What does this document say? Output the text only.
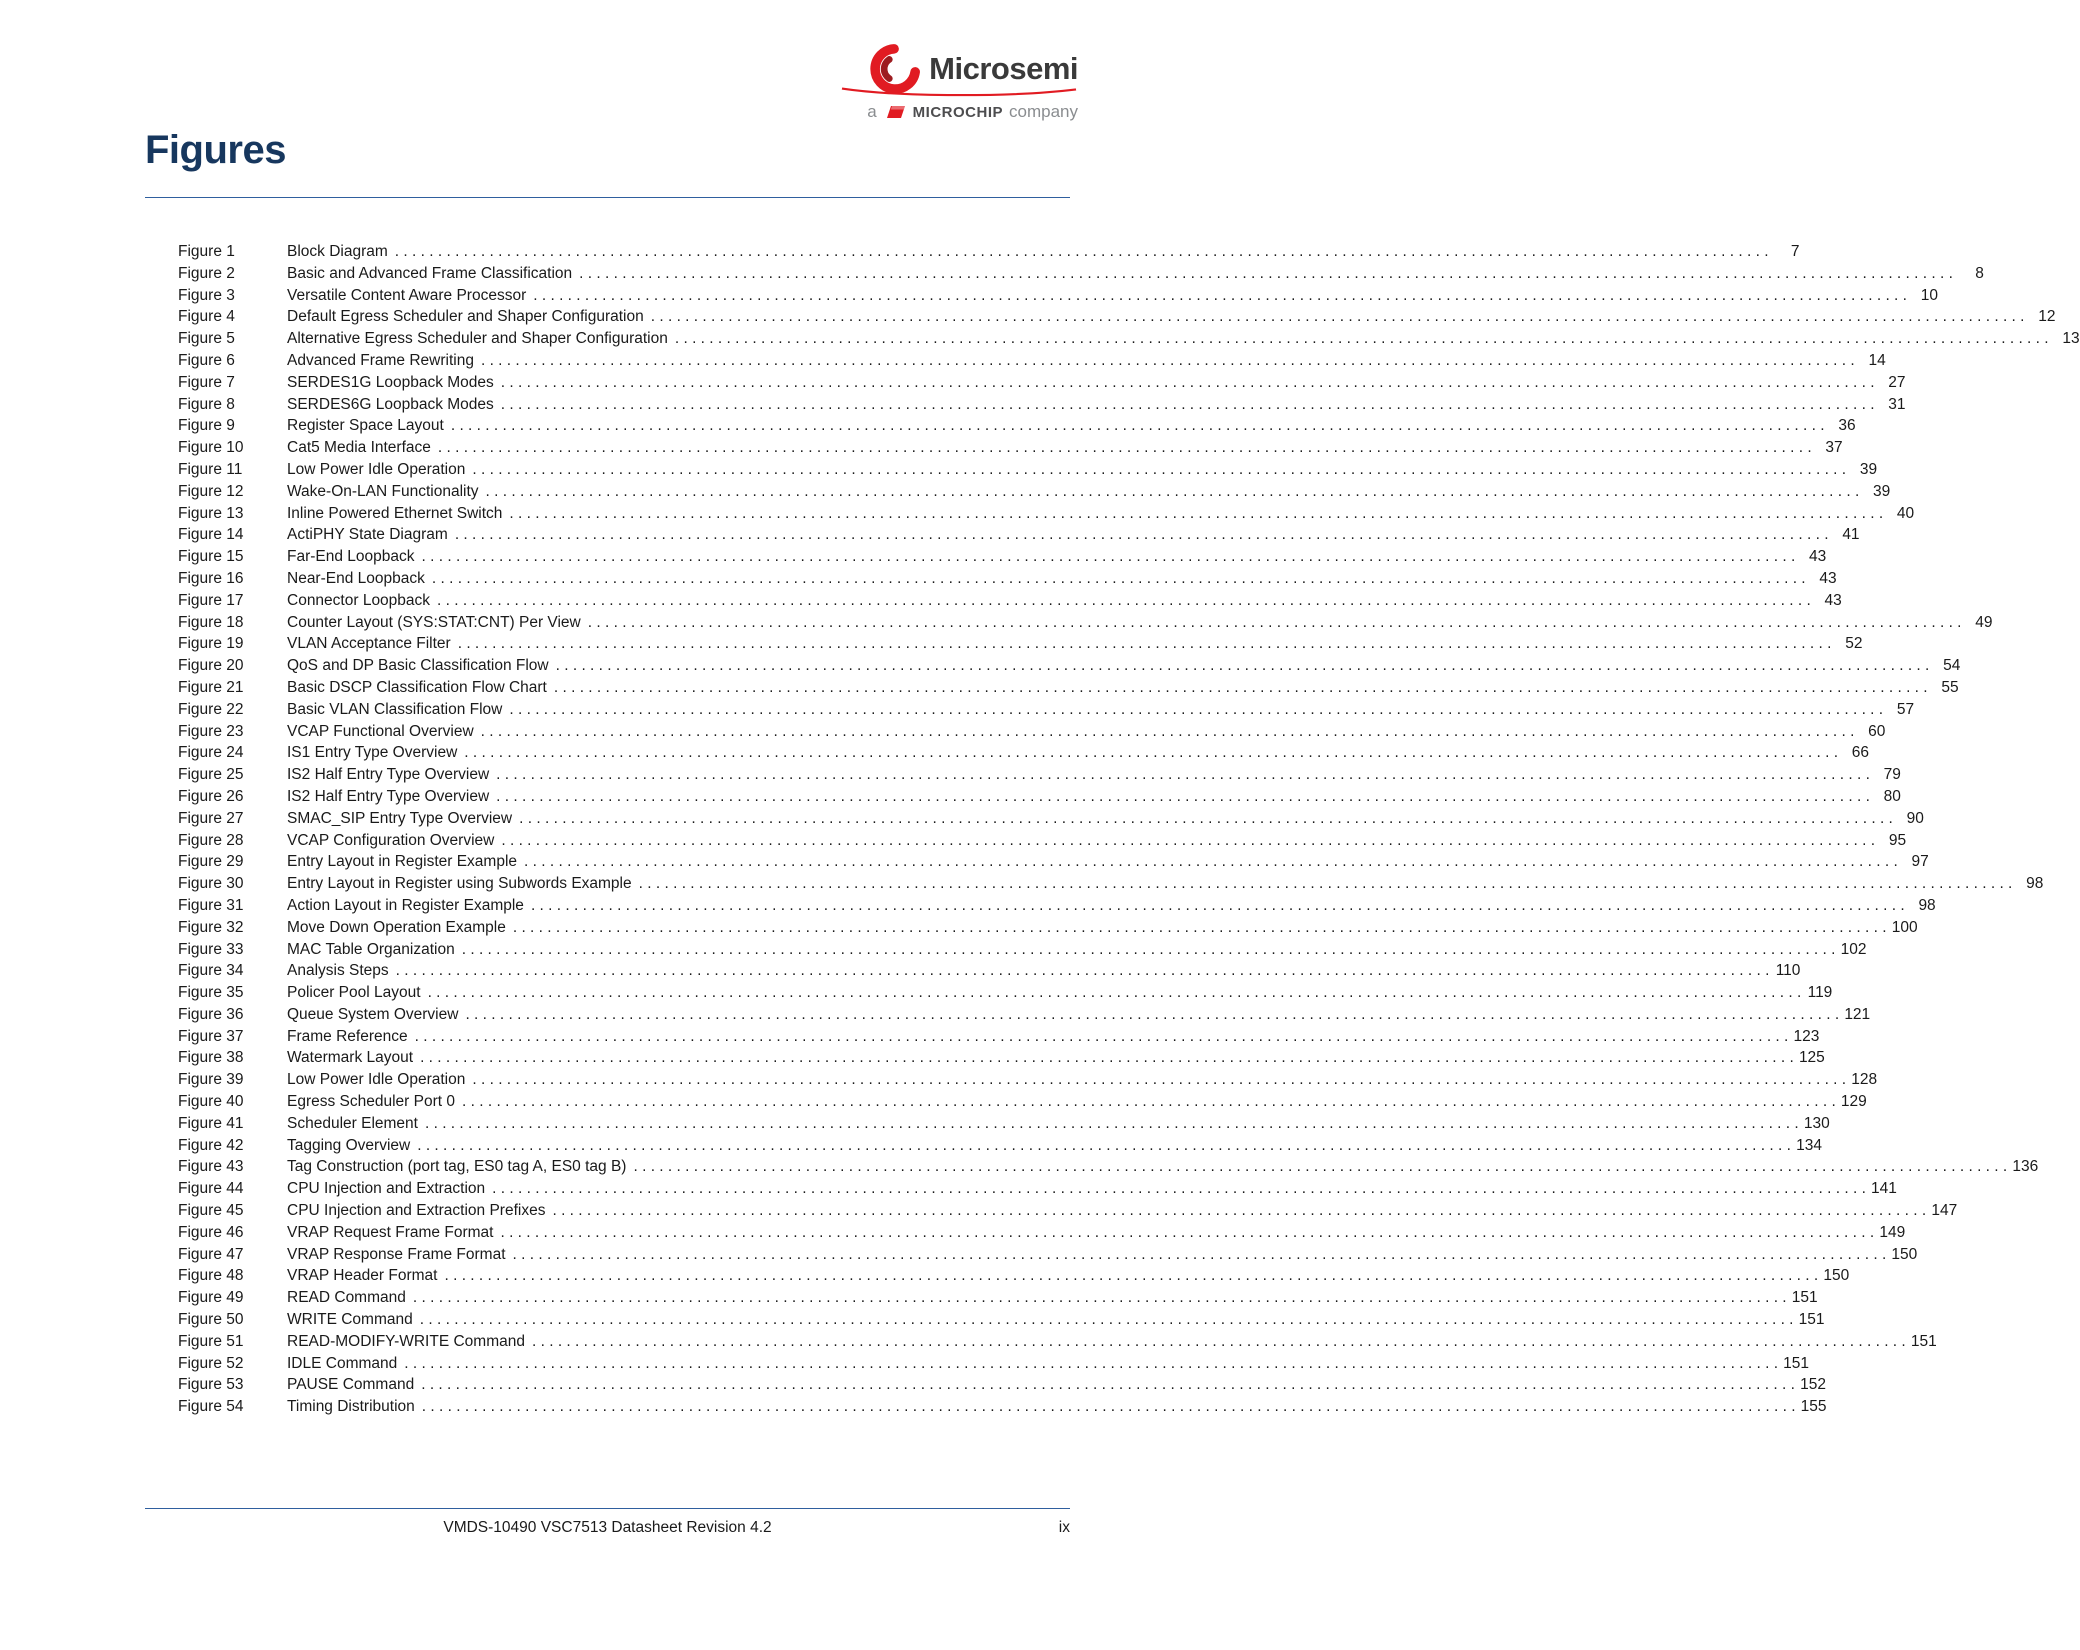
Microsemi
a MICROCHIP company
Figures
Figure 1	Block Diagram . . . . . . . . . . . . . . . . . . . . . . . . . . . . . . . . . . . . . . . . . . . . . . . . . . . . . . . . . . . . . . . . . . . . . . . . . . . . . . . . . . . . . . . . . . . . . . . . . . . . . . . . . . . . . . . . . . . . . . . . . . . . . . . . . . . . . . . . . . . . . . . . . . . . . . . . . . . . . . . .	7
Figure 2	Basic and Advanced Frame Classification . . . . . . . . . . . . . . . . . . . . . . . . . . . . . . . . . . . . . . . . . . . . . . . . . . . . . . . . . . . . . . . . . . . . . . . . . . . . . . . . . . . . . . . . . . . . . . . . . . . . . . . . . . . . . . . . . . . . . . . . . . . . . . . . . . . . . . . . . . . . . . . . . . . . . . . . . . . . . . . .	8
Figure 3	Versatile Content Aware Processor . . . . . . . . . . . . . . . . . . . . . . . . . . . . . . . . . . . . . . . . . . . . . . . . . . . . . . . . . . . . . . . . . . . . . . . . . . . . . . . . . . . . . . . . . . . . . . . . . . . . . . . . . . . . . . . . . . . . . . . . . . . . . . . . . . . . . . . . . . . . . . . . . . . . . . . . . . . . . . . . 10
Figure 4	Default Egress Scheduler and Shaper Configuration . . . . . . . . . . . . . . . . . . . . . . . . . . . . . . . . . . . . . . . . . . . . . . . . . . . . . . . . . . . . . . . . . . . . . . . . . . . . . . . . . . . . . . . . . . . . . . . . . . . . . . . . . . . . . . . . . . . . . . . . . . . . . . . . . . . . . . . . . . . . . . . . . . . . . . . . . . . . . . . . 12
Figure 5	Alternative Egress Scheduler and Shaper Configuration . . . . . . . . . . . . . . . . . . . . . . . . . . . . . . . . . . . . . . . . . . . . . . . . . . . . . . . . . . . . . . . . . . . . . . . . . . . . . . . . . . . . . . . . . . . . . . . . . . . . . . . . . . . . . . . . . . . . . . . . . . . . . . . . . . . . . . . . . . . . . . . . . . . . . . . . . . . . . . . . 13
Figure 6	Advanced Frame Rewriting . . . . . . . . . . . . . . . . . . . . . . . . . . . . . . . . . . . . . . . . . . . . . . . . . . . . . . . . . . . . . . . . . . . . . . . . . . . . . . . . . . . . . . . . . . . . . . . . . . . . . . . . . . . . . . . . . . . . . . . . . . . . . . . . . . . . . . . . . . . . . . . . . . . . . . . . . . . . . . . . 14
Figure 7	SERDES1G Loopback Modes . . . . . . . . . . . . . . . . . . . . . . . . . . . . . . . . . . . . . . . . . . . . . . . . . . . . . . . . . . . . . . . . . . . . . . . . . . . . . . . . . . . . . . . . . . . . . . . . . . . . . . . . . . . . . . . . . . . . . . . . . . . . . . . . . . . . . . . . . . . . . . . . . . . . . . . . . . . . . . . . 27
Figure 8	SERDES6G Loopback Modes . . . . . . . . . . . . . . . . . . . . . . . . . . . . . . . . . . . . . . . . . . . . . . . . . . . . . . . . . . . . . . . . . . . . . . . . . . . . . . . . . . . . . . . . . . . . . . . . . . . . . . . . . . . . . . . . . . . . . . . . . . . . . . . . . . . . . . . . . . . . . . . . . . . . . . . . . . . . . . . . 31
Figure 9	Register Space Layout . . . . . . . . . . . . . . . . . . . . . . . . . . . . . . . . . . . . . . . . . . . . . . . . . . . . . . . . . . . . . . . . . . . . . . . . . . . . . . . . . . . . . . . . . . . . . . . . . . . . . . . . . . . . . . . . . . . . . . . . . . . . . . . . . . . . . . . . . . . . . . . . . . . . . . . . . . . . . . . . 36
Figure 10	Cat5 Media Interface . . . . . . . . . . . . . . . . . . . . . . . . . . . . . . . . . . . . . . . . . . . . . . . . . . . . . . . . . . . . . . . . . . . . . . . . . . . . . . . . . . . . . . . . . . . . . . . . . . . . . . . . . . . . . . . . . . . . . . . . . . . . . . . . . . . . . . . . . . . . . . . . . . . . . . . . . . . . . . . . 37
Figure 11	Low Power Idle Operation . . . . . . . . . . . . . . . . . . . . . . . . . . . . . . . . . . . . . . . . . . . . . . . . . . . . . . . . . . . . . . . . . . . . . . . . . . . . . . . . . . . . . . . . . . . . . . . . . . . . . . . . . . . . . . . . . . . . . . . . . . . . . . . . . . . . . . . . . . . . . . . . . . . . . . . . . . . . . . . . 39
Figure 12	Wake-On-LAN Functionality . . . . . . . . . . . . . . . . . . . . . . . . . . . . . . . . . . . . . . . . . . . . . . . . . . . . . . . . . . . . . . . . . . . . . . . . . . . . . . . . . . . . . . . . . . . . . . . . . . . . . . . . . . . . . . . . . . . . . . . . . . . . . . . . . . . . . . . . . . . . . . . . . . . . . . . . . . . . . . . . 39
Figure 13	Inline Powered Ethernet Switch . . . . . . . . . . . . . . . . . . . . . . . . . . . . . . . . . . . . . . . . . . . . . . . . . . . . . . . . . . . . . . . . . . . . . . . . . . . . . . . . . . . . . . . . . . . . . . . . . . . . . . . . . . . . . . . . . . . . . . . . . . . . . . . . . . . . . . . . . . . . . . . . . . . . . . . . . . . . . . . . 40
Figure 14	ActiPHY State Diagram . . . . . . . . . . . . . . . . . . . . . . . . . . . . . . . . . . . . . . . . . . . . . . . . . . . . . . . . . . . . . . . . . . . . . . . . . . . . . . . . . . . . . . . . . . . . . . . . . . . . . . . . . . . . . . . . . . . . . . . . . . . . . . . . . . . . . . . . . . . . . . . . . . . . . . . . . . . . . . . . 41
Figure 15	Far-End Loopback . . . . . . . . . . . . . . . . . . . . . . . . . . . . . . . . . . . . . . . . . . . . . . . . . . . . . . . . . . . . . . . . . . . . . . . . . . . . . . . . . . . . . . . . . . . . . . . . . . . . . . . . . . . . . . . . . . . . . . . . . . . . . . . . . . . . . . . . . . . . . . . . . . . . . . . . . . . . . . . . 43
Figure 16	Near-End Loopback . . . . . . . . . . . . . . . . . . . . . . . . . . . . . . . . . . . . . . . . . . . . . . . . . . . . . . . . . . . . . . . . . . . . . . . . . . . . . . . . . . . . . . . . . . . . . . . . . . . . . . . . . . . . . . . . . . . . . . . . . . . . . . . . . . . . . . . . . . . . . . . . . . . . . . . . . . . . . . . . 43
Figure 17	Connector Loopback . . . . . . . . . . . . . . . . . . . . . . . . . . . . . . . . . . . . . . . . . . . . . . . . . . . . . . . . . . . . . . . . . . . . . . . . . . . . . . . . . . . . . . . . . . . . . . . . . . . . . . . . . . . . . . . . . . . . . . . . . . . . . . . . . . . . . . . . . . . . . . . . . . . . . . . . . . . . . . . . 43
Figure 18	Counter Layout (SYS:STAT:CNT) Per View . . . . . . . . . . . . . . . . . . . . . . . . . . . . . . . . . . . . . . . . . . . . . . . . . . . . . . . . . . . . . . . . . . . . . . . . . . . . . . . . . . . . . . . . . . . . . . . . . . . . . . . . . . . . . . . . . . . . . . . . . . . . . . . . . . . . . . . . . . . . . . . . . . . . . . . . . . . . . . . . 49
Figure 19	VLAN Acceptance Filter . . . . . . . . . . . . . . . . . . . . . . . . . . . . . . . . . . . . . . . . . . . . . . . . . . . . . . . . . . . . . . . . . . . . . . . . . . . . . . . . . . . . . . . . . . . . . . . . . . . . . . . . . . . . . . . . . . . . . . . . . . . . . . . . . . . . . . . . . . . . . . . . . . . . . . . . . . . . . . . . 52
Figure 20	QoS and DP Basic Classification Flow . . . . . . . . . . . . . . . . . . . . . . . . . . . . . . . . . . . . . . . . . . . . . . . . . . . . . . . . . . . . . . . . . . . . . . . . . . . . . . . . . . . . . . . . . . . . . . . . . . . . . . . . . . . . . . . . . . . . . . . . . . . . . . . . . . . . . . . . . . . . . . . . . . . . . . . . . . . . . . . . 54
Figure 21	Basic DSCP Classification Flow Chart . . . . . . . . . . . . . . . . . . . . . . . . . . . . . . . . . . . . . . . . . . . . . . . . . . . . . . . . . . . . . . . . . . . . . . . . . . . . . . . . . . . . . . . . . . . . . . . . . . . . . . . . . . . . . . . . . . . . . . . . . . . . . . . . . . . . . . . . . . . . . . . . . . . . . . . . . . . . . . . . 55
Figure 22	Basic VLAN Classification Flow . . . . . . . . . . . . . . . . . . . . . . . . . . . . . . . . . . . . . . . . . . . . . . . . . . . . . . . . . . . . . . . . . . . . . . . . . . . . . . . . . . . . . . . . . . . . . . . . . . . . . . . . . . . . . . . . . . . . . . . . . . . . . . . . . . . . . . . . . . . . . . . . . . . . . . . . . . . . . . . . 57
Figure 23	VCAP Functional Overview . . . . . . . . . . . . . . . . . . . . . . . . . . . . . . . . . . . . . . . . . . . . . . . . . . . . . . . . . . . . . . . . . . . . . . . . . . . . . . . . . . . . . . . . . . . . . . . . . . . . . . . . . . . . . . . . . . . . . . . . . . . . . . . . . . . . . . . . . . . . . . . . . . . . . . . . . . . . . . . . 60
Figure 24	IS1 Entry Type Overview . . . . . . . . . . . . . . . . . . . . . . . . . . . . . . . . . . . . . . . . . . . . . . . . . . . . . . . . . . . . . . . . . . . . . . . . . . . . . . . . . . . . . . . . . . . . . . . . . . . . . . . . . . . . . . . . . . . . . . . . . . . . . . . . . . . . . . . . . . . . . . . . . . . . . . . . . . . . . . . . 66
Figure 25	IS2 Half Entry Type Overview . . . . . . . . . . . . . . . . . . . . . . . . . . . . . . . . . . . . . . . . . . . . . . . . . . . . . . . . . . . . . . . . . . . . . . . . . . . . . . . . . . . . . . . . . . . . . . . . . . . . . . . . . . . . . . . . . . . . . . . . . . . . . . . . . . . . . . . . . . . . . . . . . . . . . . . . . . . . . . . . 79
Figure 26	IS2 Half Entry Type Overview . . . . . . . . . . . . . . . . . . . . . . . . . . . . . . . . . . . . . . . . . . . . . . . . . . . . . . . . . . . . . . . . . . . . . . . . . . . . . . . . . . . . . . . . . . . . . . . . . . . . . . . . . . . . . . . . . . . . . . . . . . . . . . . . . . . . . . . . . . . . . . . . . . . . . . . . . . . . . . . . 80
Figure 27	SMAC_SIP Entry Type Overview . . . . . . . . . . . . . . . . . . . . . . . . . . . . . . . . . . . . . . . . . . . . . . . . . . . . . . . . . . . . . . . . . . . . . . . . . . . . . . . . . . . . . . . . . . . . . . . . . . . . . . . . . . . . . . . . . . . . . . . . . . . . . . . . . . . . . . . . . . . . . . . . . . . . . . . . . . . . . . . . 90
Figure 28	VCAP Configuration Overview . . . . . . . . . . . . . . . . . . . . . . . . . . . . . . . . . . . . . . . . . . . . . . . . . . . . . . . . . . . . . . . . . . . . . . . . . . . . . . . . . . . . . . . . . . . . . . . . . . . . . . . . . . . . . . . . . . . . . . . . . . . . . . . . . . . . . . . . . . . . . . . . . . . . . . . . . . . . . . . . 95
Figure 29	Entry Layout in Register Example . . . . . . . . . . . . . . . . . . . . . . . . . . . . . . . . . . . . . . . . . . . . . . . . . . . . . . . . . . . . . . . . . . . . . . . . . . . . . . . . . . . . . . . . . . . . . . . . . . . . . . . . . . . . . . . . . . . . . . . . . . . . . . . . . . . . . . . . . . . . . . . . . . . . . . . . . . . . . . . . 97
Figure 30	Entry Layout in Register using Subwords Example . . . . . . . . . . . . . . . . . . . . . . . . . . . . . . . . . . . . . . . . . . . . . . . . . . . . . . . . . . . . . . . . . . . . . . . . . . . . . . . . . . . . . . . . . . . . . . . . . . . . . . . . . . . . . . . . . . . . . . . . . . . . . . . . . . . . . . . . . . . . . . . . . . . . . . . . . . . . . . . . 98
Figure 31	Action Layout in Register Example . . . . . . . . . . . . . . . . . . . . . . . . . . . . . . . . . . . . . . . . . . . . . . . . . . . . . . . . . . . . . . . . . . . . . . . . . . . . . . . . . . . . . . . . . . . . . . . . . . . . . . . . . . . . . . . . . . . . . . . . . . . . . . . . . . . . . . . . . . . . . . . . . . . . . . . . . . . . . . . . 98
Figure 32	Move Down Operation Example . . . . . . . . . . . . . . . . . . . . . . . . . . . . . . . . . . . . . . . . . . . . . . . . . . . . . . . . . . . . . . . . . . . . . . . . . . . . . . . . . . . . . . . . . . . . . . . . . . . . . . . . . . . . . . . . . . . . . . . . . . . . . . . . . . . . . . . . . . . . . . . . . . . . . . . . . . . . . . . . 100
Figure 33	MAC Table Organization . . . . . . . . . . . . . . . . . . . . . . . . . . . . . . . . . . . . . . . . . . . . . . . . . . . . . . . . . . . . . . . . . . . . . . . . . . . . . . . . . . . . . . . . . . . . . . . . . . . . . . . . . . . . . . . . . . . . . . . . . . . . . . . . . . . . . . . . . . . . . . . . . . . . . . . . . . . . . . . . 102
Figure 34	Analysis Steps . . . . . . . . . . . . . . . . . . . . . . . . . . . . . . . . . . . . . . . . . . . . . . . . . . . . . . . . . . . . . . . . . . . . . . . . . . . . . . . . . . . . . . . . . . . . . . . . . . . . . . . . . . . . . . . . . . . . . . . . . . . . . . . . . . . . . . . . . . . . . . . . . . . . . . . . . . . . . . . . 110
Figure 35	Policer Pool Layout . . . . . . . . . . . . . . . . . . . . . . . . . . . . . . . . . . . . . . . . . . . . . . . . . . . . . . . . . . . . . . . . . . . . . . . . . . . . . . . . . . . . . . . . . . . . . . . . . . . . . . . . . . . . . . . . . . . . . . . . . . . . . . . . . . . . . . . . . . . . . . . . . . . . . . . . . . . . . . . . 119
Figure 36	Queue System Overview . . . . . . . . . . . . . . . . . . . . . . . . . . . . . . . . . . . . . . . . . . . . . . . . . . . . . . . . . . . . . . . . . . . . . . . . . . . . . . . . . . . . . . . . . . . . . . . . . . . . . . . . . . . . . . . . . . . . . . . . . . . . . . . . . . . . . . . . . . . . . . . . . . . . . . . . . . . . . . . . 121
Figure 37	Frame Reference . . . . . . . . . . . . . . . . . . . . . . . . . . . . . . . . . . . . . . . . . . . . . . . . . . . . . . . . . . . . . . . . . . . . . . . . . . . . . . . . . . . . . . . . . . . . . . . . . . . . . . . . . . . . . . . . . . . . . . . . . . . . . . . . . . . . . . . . . . . . . . . . . . . . . . . . . . . . . . . . 123
Figure 38	Watermark Layout . . . . . . . . . . . . . . . . . . . . . . . . . . . . . . . . . . . . . . . . . . . . . . . . . . . . . . . . . . . . . . . . . . . . . . . . . . . . . . . . . . . . . . . . . . . . . . . . . . . . . . . . . . . . . . . . . . . . . . . . . . . . . . . . . . . . . . . . . . . . . . . . . . . . . . . . . . . . . . . . 125
Figure 39	Low Power Idle Operation . . . . . . . . . . . . . . . . . . . . . . . . . . . . . . . . . . . . . . . . . . . . . . . . . . . . . . . . . . . . . . . . . . . . . . . . . . . . . . . . . . . . . . . . . . . . . . . . . . . . . . . . . . . . . . . . . . . . . . . . . . . . . . . . . . . . . . . . . . . . . . . . . . . . . . . . . . . . . . . . 128
Figure 40	Egress Scheduler Port 0 . . . . . . . . . . . . . . . . . . . . . . . . . . . . . . . . . . . . . . . . . . . . . . . . . . . . . . . . . . . . . . . . . . . . . . . . . . . . . . . . . . . . . . . . . . . . . . . . . . . . . . . . . . . . . . . . . . . . . . . . . . . . . . . . . . . . . . . . . . . . . . . . . . . . . . . . . . . . . . . . 129
Figure 41	Scheduler Element . . . . . . . . . . . . . . . . . . . . . . . . . . . . . . . . . . . . . . . . . . . . . . . . . . . . . . . . . . . . . . . . . . . . . . . . . . . . . . . . . . . . . . . . . . . . . . . . . . . . . . . . . . . . . . . . . . . . . . . . . . . . . . . . . . . . . . . . . . . . . . . . . . . . . . . . . . . . . . . . 130
Figure 42	Tagging Overview . . . . . . . . . . . . . . . . . . . . . . . . . . . . . . . . . . . . . . . . . . . . . . . . . . . . . . . . . . . . . . . . . . . . . . . . . . . . . . . . . . . . . . . . . . . . . . . . . . . . . . . . . . . . . . . . . . . . . . . . . . . . . . . . . . . . . . . . . . . . . . . . . . . . . . . . . . . . . . . . 134
Figure 43	Tag Construction (port tag, ES0 tag A, ES0 tag B) . . . . . . . . . . . . . . . . . . . . . . . . . . . . . . . . . . . . . . . . . . . . . . . . . . . . . . . . . . . . . . . . . . . . . . . . . . . . . . . . . . . . . . . . . . . . . . . . . . . . . . . . . . . . . . . . . . . . . . . . . . . . . . . . . . . . . . . . . . . . . . . . . . . . . . . . . . . . . . . . 136
Figure 44	CPU Injection and Extraction . . . . . . . . . . . . . . . . . . . . . . . . . . . . . . . . . . . . . . . . . . . . . . . . . . . . . . . . . . . . . . . . . . . . . . . . . . . . . . . . . . . . . . . . . . . . . . . . . . . . . . . . . . . . . . . . . . . . . . . . . . . . . . . . . . . . . . . . . . . . . . . . . . . . . . . . . . . . . . . . 141
Figure 45	CPU Injection and Extraction Prefixes . . . . . . . . . . . . . . . . . . . . . . . . . . . . . . . . . . . . . . . . . . . . . . . . . . . . . . . . . . . . . . . . . . . . . . . . . . . . . . . . . . . . . . . . . . . . . . . . . . . . . . . . . . . . . . . . . . . . . . . . . . . . . . . . . . . . . . . . . . . . . . . . . . . . . . . . . . . . . . . . 147
Figure 46	VRAP Request Frame Format . . . . . . . . . . . . . . . . . . . . . . . . . . . . . . . . . . . . . . . . . . . . . . . . . . . . . . . . . . . . . . . . . . . . . . . . . . . . . . . . . . . . . . . . . . . . . . . . . . . . . . . . . . . . . . . . . . . . . . . . . . . . . . . . . . . . . . . . . . . . . . . . . . . . . . . . . . . . . . . . 149
Figure 47	VRAP Response Frame Format . . . . . . . . . . . . . . . . . . . . . . . . . . . . . . . . . . . . . . . . . . . . . . . . . . . . . . . . . . . . . . . . . . . . . . . . . . . . . . . . . . . . . . . . . . . . . . . . . . . . . . . . . . . . . . . . . . . . . . . . . . . . . . . . . . . . . . . . . . . . . . . . . . . . . . . . . . . . . . . . 150
Figure 48	VRAP Header Format . . . . . . . . . . . . . . . . . . . . . . . . . . . . . . . . . . . . . . . . . . . . . . . . . . . . . . . . . . . . . . . . . . . . . . . . . . . . . . . . . . . . . . . . . . . . . . . . . . . . . . . . . . . . . . . . . . . . . . . . . . . . . . . . . . . . . . . . . . . . . . . . . . . . . . . . . . . . . . . . 150
Figure 49	READ Command . . . . . . . . . . . . . . . . . . . . . . . . . . . . . . . . . . . . . . . . . . . . . . . . . . . . . . . . . . . . . . . . . . . . . . . . . . . . . . . . . . . . . . . . . . . . . . . . . . . . . . . . . . . . . . . . . . . . . . . . . . . . . . . . . . . . . . . . . . . . . . . . . . . . . . . . . . . . . . . . 151
Figure 50	WRITE Command . . . . . . . . . . . . . . . . . . . . . . . . . . . . . . . . . . . . . . . . . . . . . . . . . . . . . . . . . . . . . . . . . . . . . . . . . . . . . . . . . . . . . . . . . . . . . . . . . . . . . . . . . . . . . . . . . . . . . . . . . . . . . . . . . . . . . . . . . . . . . . . . . . . . . . . . . . . . . . . . 151
Figure 51	READ-MODIFY-WRITE Command . . . . . . . . . . . . . . . . . . . . . . . . . . . . . . . . . . . . . . . . . . . . . . . . . . . . . . . . . . . . . . . . . . . . . . . . . . . . . . . . . . . . . . . . . . . . . . . . . . . . . . . . . . . . . . . . . . . . . . . . . . . . . . . . . . . . . . . . . . . . . . . . . . . . . . . . . . . . . . . . 151
Figure 52	IDLE Command . . . . . . . . . . . . . . . . . . . . . . . . . . . . . . . . . . . . . . . . . . . . . . . . . . . . . . . . . . . . . . . . . . . . . . . . . . . . . . . . . . . . . . . . . . . . . . . . . . . . . . . . . . . . . . . . . . . . . . . . . . . . . . . . . . . . . . . . . . . . . . . . . . . . . . . . . . . . . . . . 151
Figure 53	PAUSE Command . . . . . . . . . . . . . . . . . . . . . . . . . . . . . . . . . . . . . . . . . . . . . . . . . . . . . . . . . . . . . . . . . . . . . . . . . . . . . . . . . . . . . . . . . . . . . . . . . . . . . . . . . . . . . . . . . . . . . . . . . . . . . . . . . . . . . . . . . . . . . . . . . . . . . . . . . . . . . . . . 152
Figure 54	Timing Distribution . . . . . . . . . . . . . . . . . . . . . . . . . . . . . . . . . . . . . . . . . . . . . . . . . . . . . . . . . . . . . . . . . . . . . . . . . . . . . . . . . . . . . . . . . . . . . . . . . . . . . . . . . . . . . . . . . . . . . . . . . . . . . . . . . . . . . . . . . . . . . . . . . . . . . . . . . . . . . . . . 155
VMDS-10490 VSC7513 Datasheet Revision 4.2	ix
